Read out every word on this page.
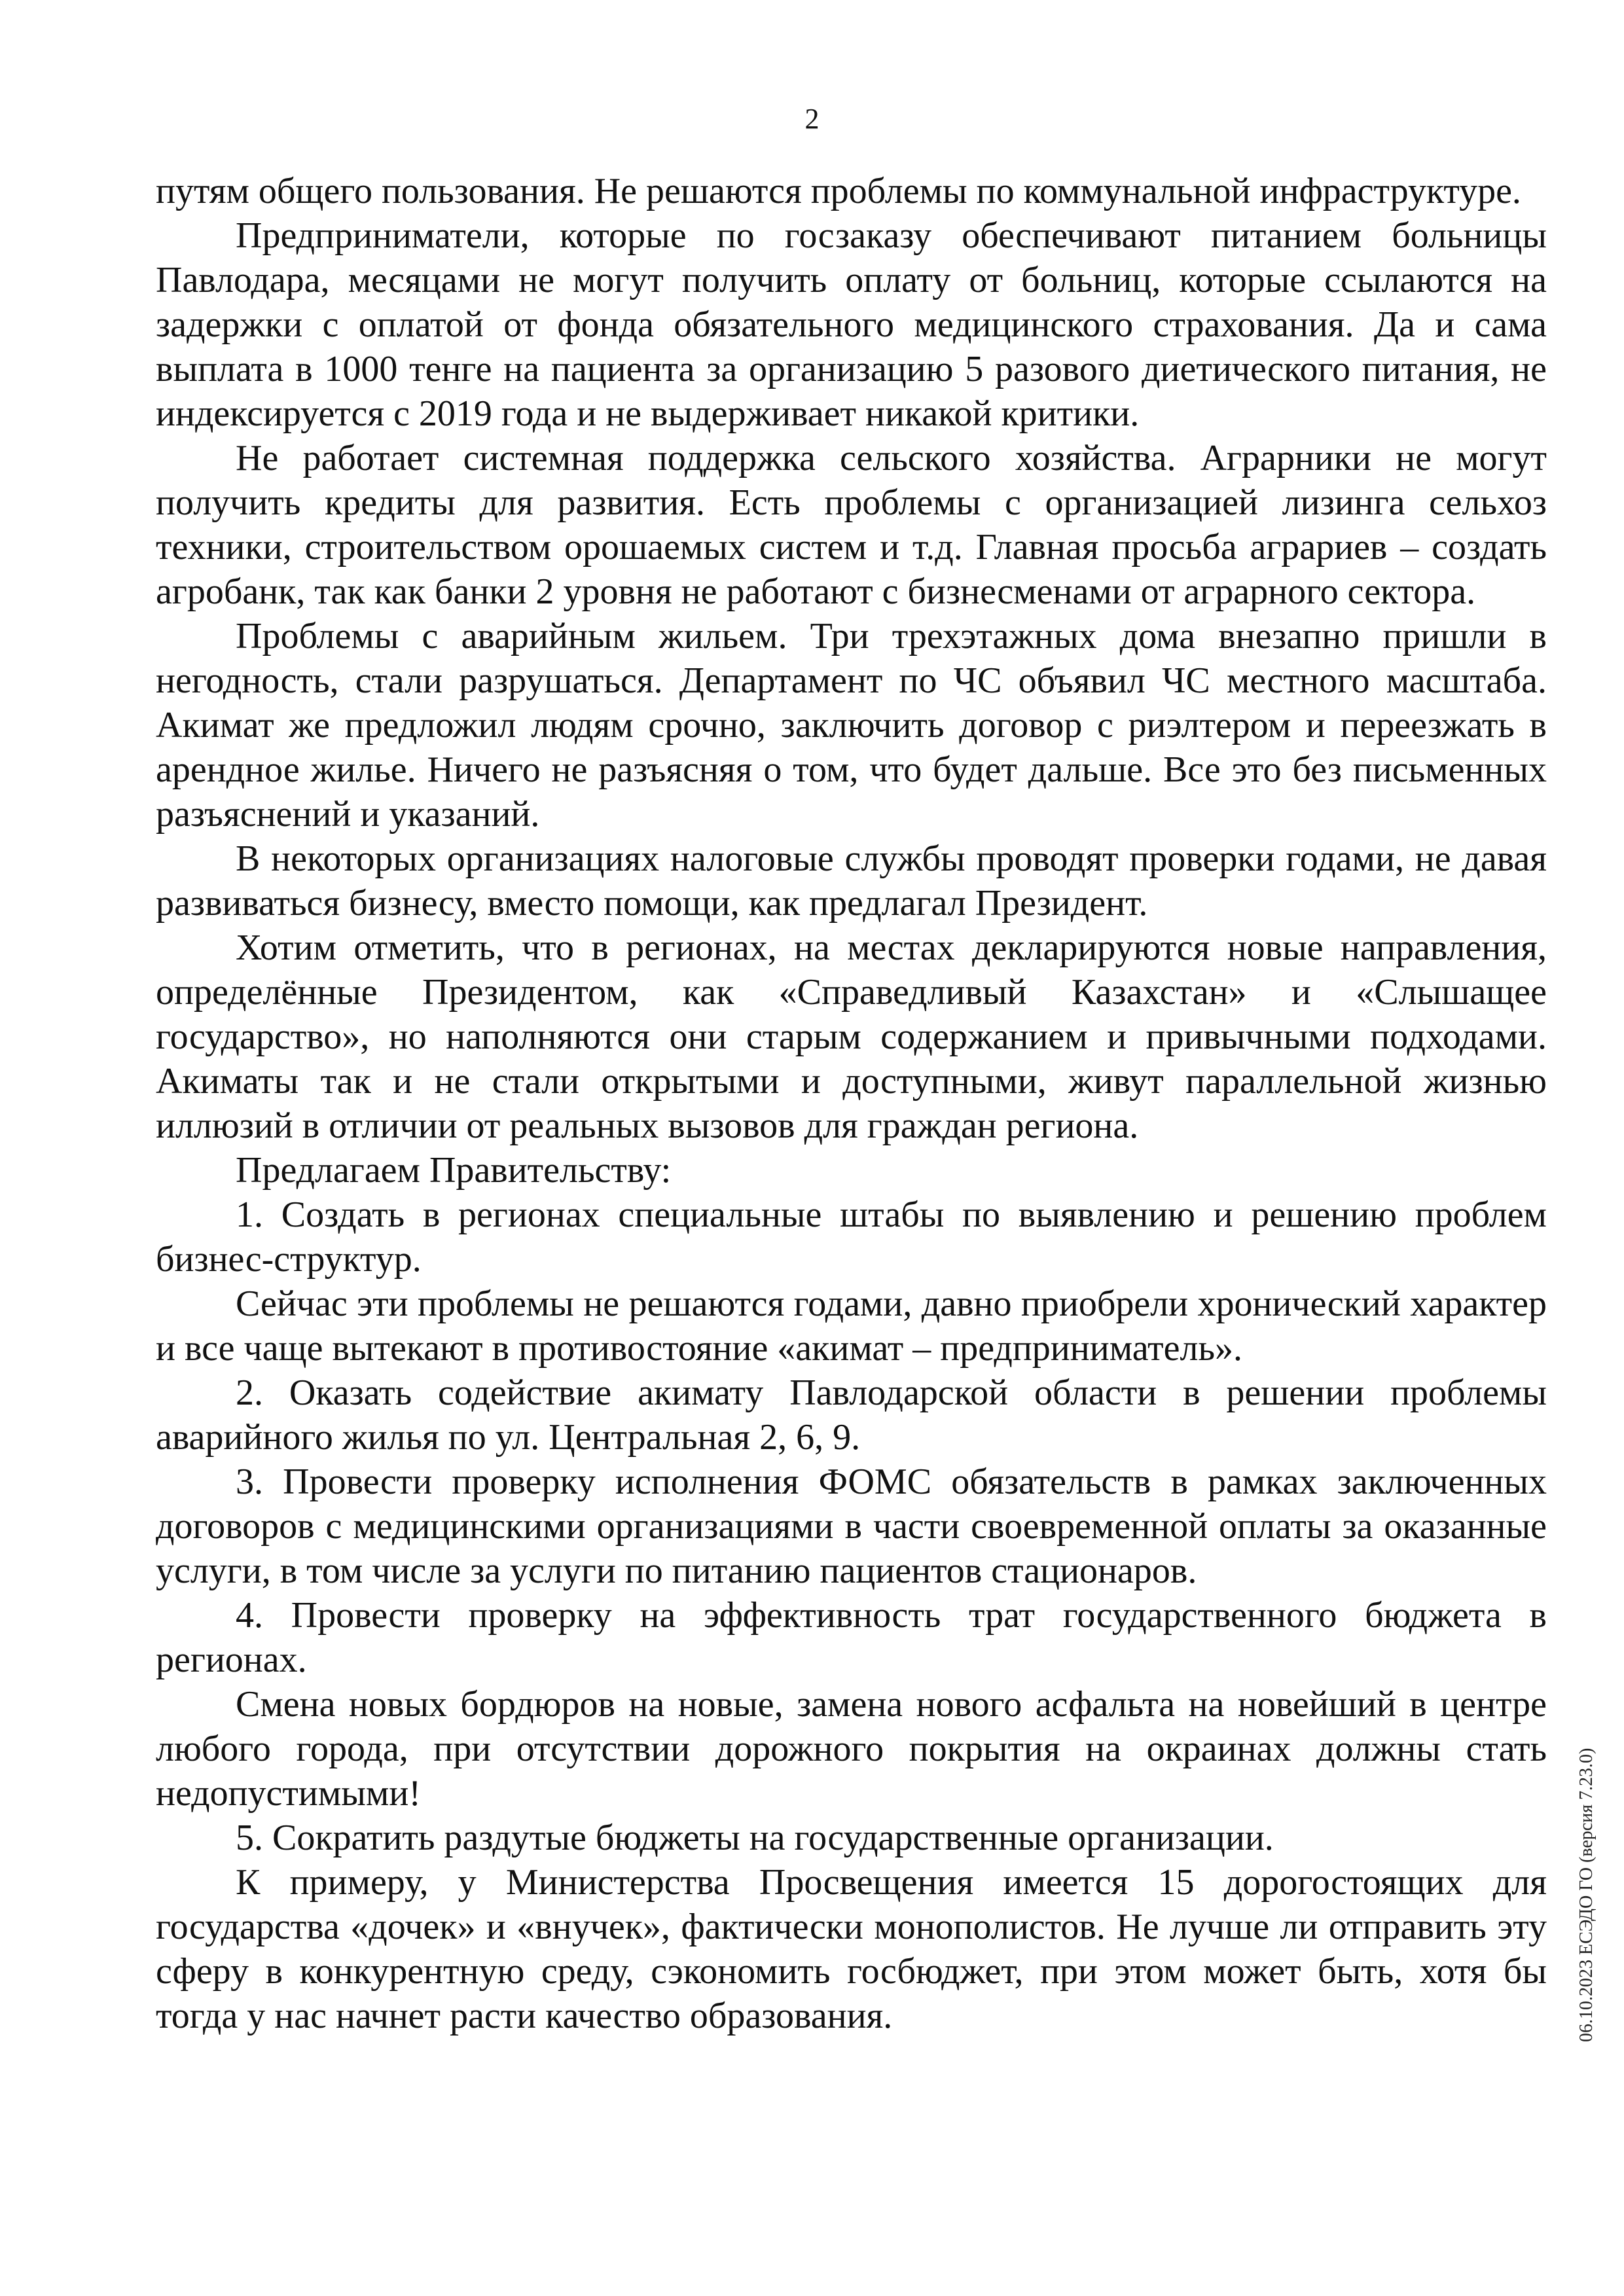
2

путям общего пользования. Не решаются проблемы по коммунальной инфраструктуре.

Предприниматели, которые по госзаказу обеспечивают питанием больницы Павлодара, месяцами не могут получить оплату от больниц, которые ссылаются на задержки с оплатой от фонда обязательного медицинского страхования. Да и сама выплата в 1000 тенге на пациента за организацию 5 разового диетического питания, не индексируется с 2019 года и не выдерживает никакой критики.

Не работает системная поддержка сельского хозяйства. Аграрники не могут получить кредиты для развития. Есть проблемы с организацией лизинга сельхоз техники, строительством орошаемых систем и т.д. Главная просьба аграриев – создать агробанк, так как банки 2 уровня не работают с бизнесменами от аграрного сектора.

Проблемы с аварийным жильем. Три трехэтажных дома внезапно пришли в негодность, стали разрушаться. Департамент по ЧС объявил ЧС местного масштаба. Акимат же предложил людям срочно, заключить договор с риэлтером и переезжать в арендное жилье. Ничего не разъясняя о том, что будет дальше. Все это без письменных разъяснений и указаний.

В некоторых организациях налоговые службы проводят проверки годами, не давая развиваться бизнесу, вместо помощи, как предлагал Президент.

Хотим отметить, что в регионах, на местах декларируются новые направления, определённые Президентом, как «Справедливый Казахстан» и «Слышащее государство», но наполняются они старым содержанием и привычными подходами. Акиматы так и не стали открытыми и доступными, живут параллельной жизнью иллюзий в отличии от реальных вызовов для граждан региона.

Предлагаем Правительству:

1. Создать в регионах специальные штабы по выявлению и решению проблем бизнес-структур.

Сейчас эти проблемы не решаются годами, давно приобрели хронический характер и все чаще вытекают в противостояние «акимат – предприниматель».

2. Оказать содействие акимату Павлодарской области в решении проблемы аварийного жилья по ул. Центральная 2, 6, 9.

3. Провести проверку исполнения ФОМС обязательств в рамках заключенных договоров с медицинскими организациями в части своевременной оплаты за оказанные услуги, в том числе за услуги по питанию пациентов стационаров.

4. Провести проверку на эффективность трат государственного бюджета в регионах.

Смена новых бордюров на новые, замена нового асфальта на новейший в центре любого города, при отсутствии дорожного покрытия на окраинах должны стать недопустимыми!

5. Сократить раздутые бюджеты на государственные организации.

К примеру, у Министерства Просвещения имеется 15 дорогостоящих для государства «дочек» и «внучек», фактически монополистов. Не лучше ли отправить эту сферу в конкурентную среду, сэкономить госбюджет, при этом может быть, хотя бы тогда у нас начнет расти качество образования.	06.10.2023 ЕСЭДО ГО (версия 7.23.0)
